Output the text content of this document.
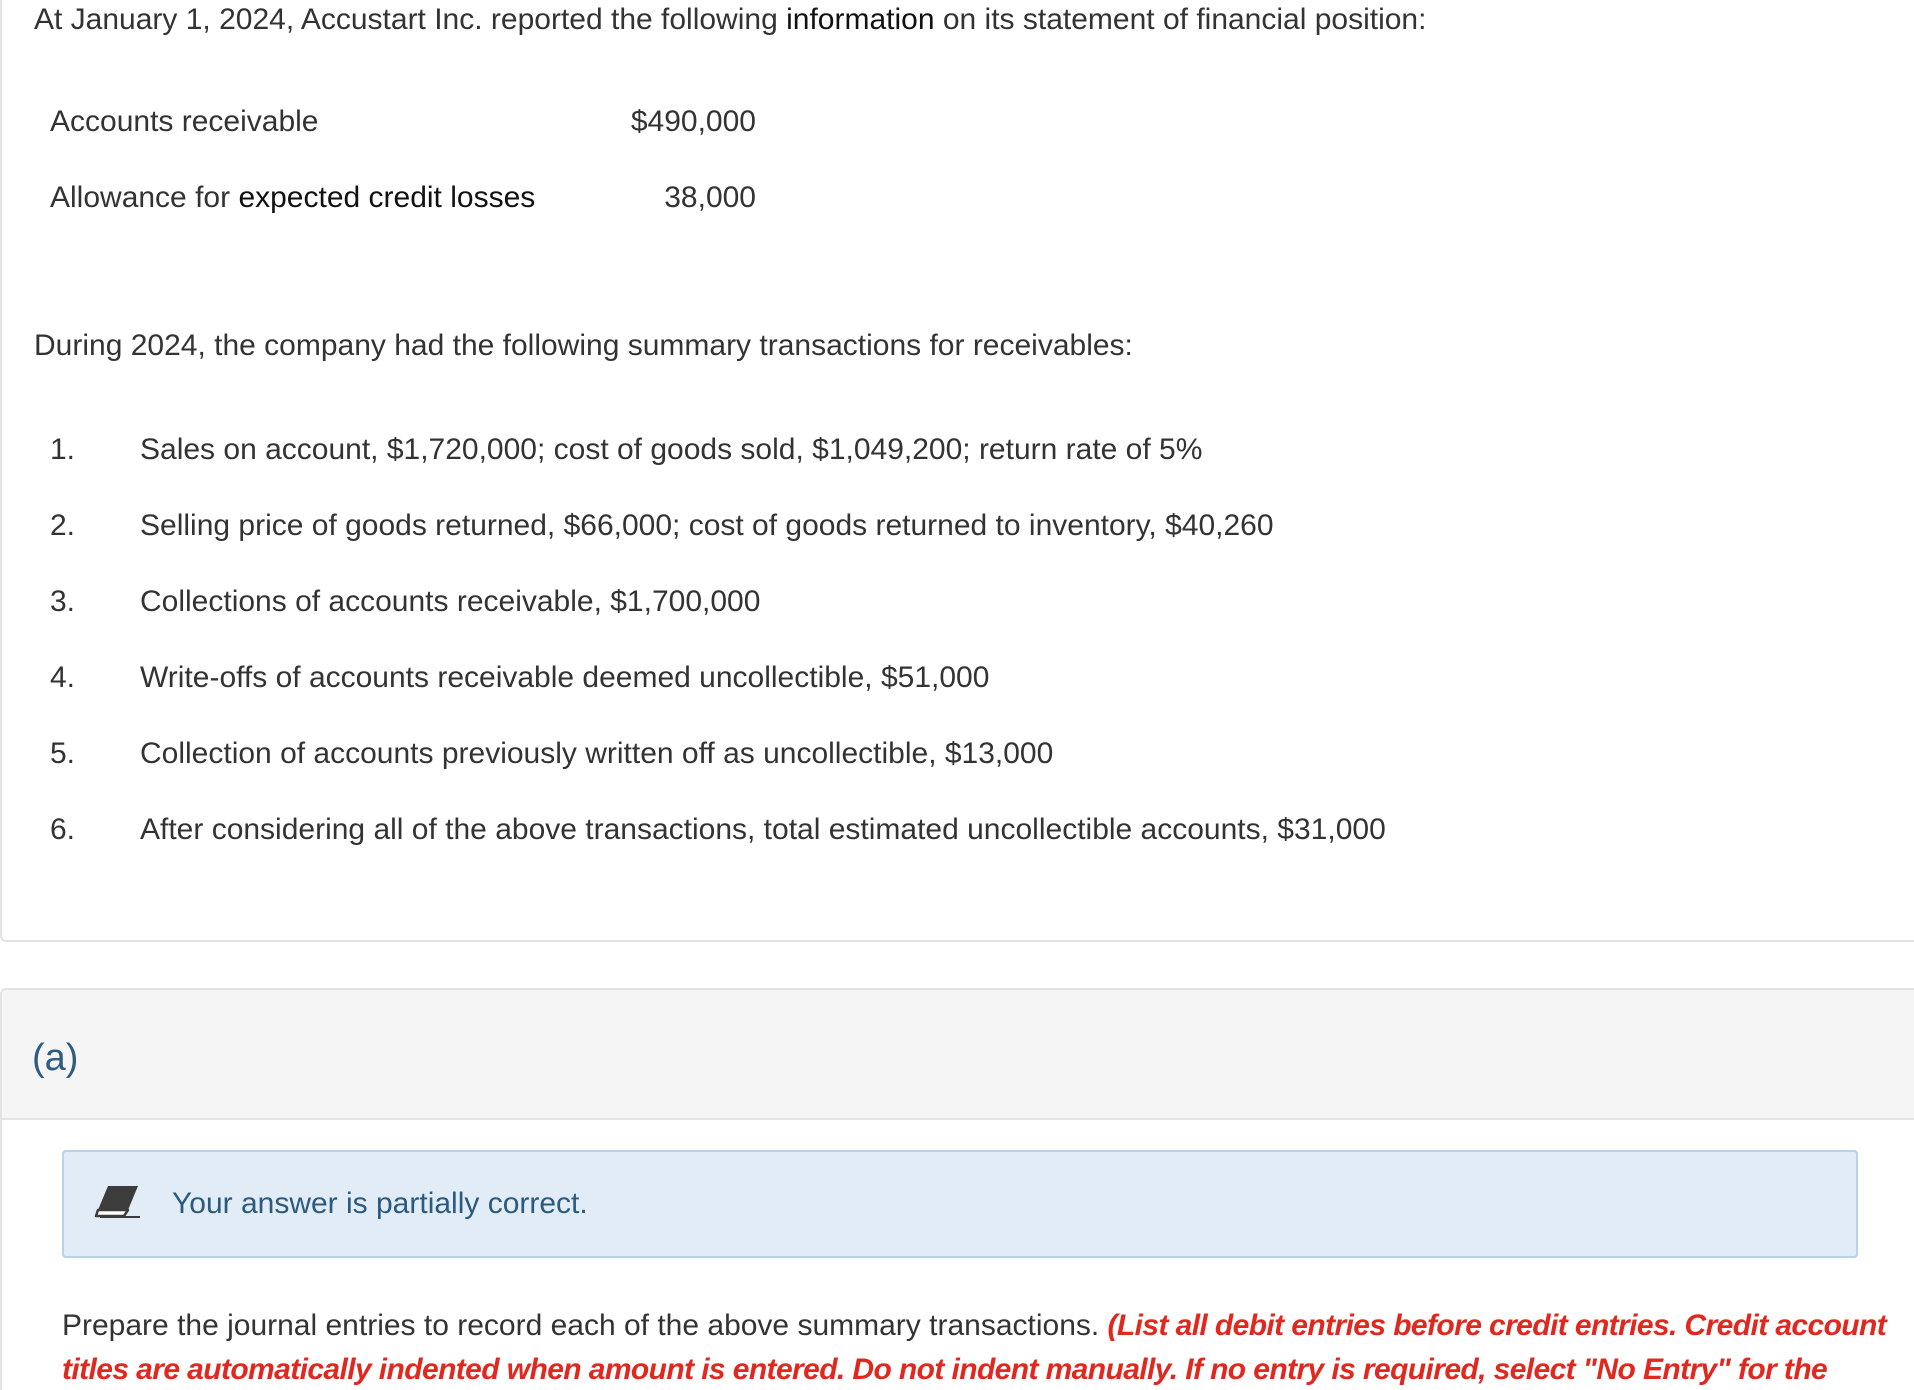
At January 1, 2024, Accustart Inc. reported the following information on its statement of financial position:
Accounts receivable	$490,000
Allowance for expected credit losses	38,000
During 2024, the company had the following summary transactions for receivables:
1.	Sales on account, $1,720,000; cost of goods sold, $1,049,200; return rate of 5%
2.	Selling price of goods returned, $66,000; cost of goods returned to inventory, $40,260
3.	Collections of accounts receivable, $1,700,000
4.	Write-offs of accounts receivable deemed uncollectible, $51,000
5.	Collection of accounts previously written off as uncollectible, $13,000
6.	After considering all of the above transactions, total estimated uncollectible accounts, $31,000
(a)
Your answer is partially correct.
Prepare the journal entries to record each of the above summary transactions. (List all debit entries before credit entries. Credit account titles are automatically indented when amount is entered. Do not indent manually. If no entry is required, select "No Entry" for the
